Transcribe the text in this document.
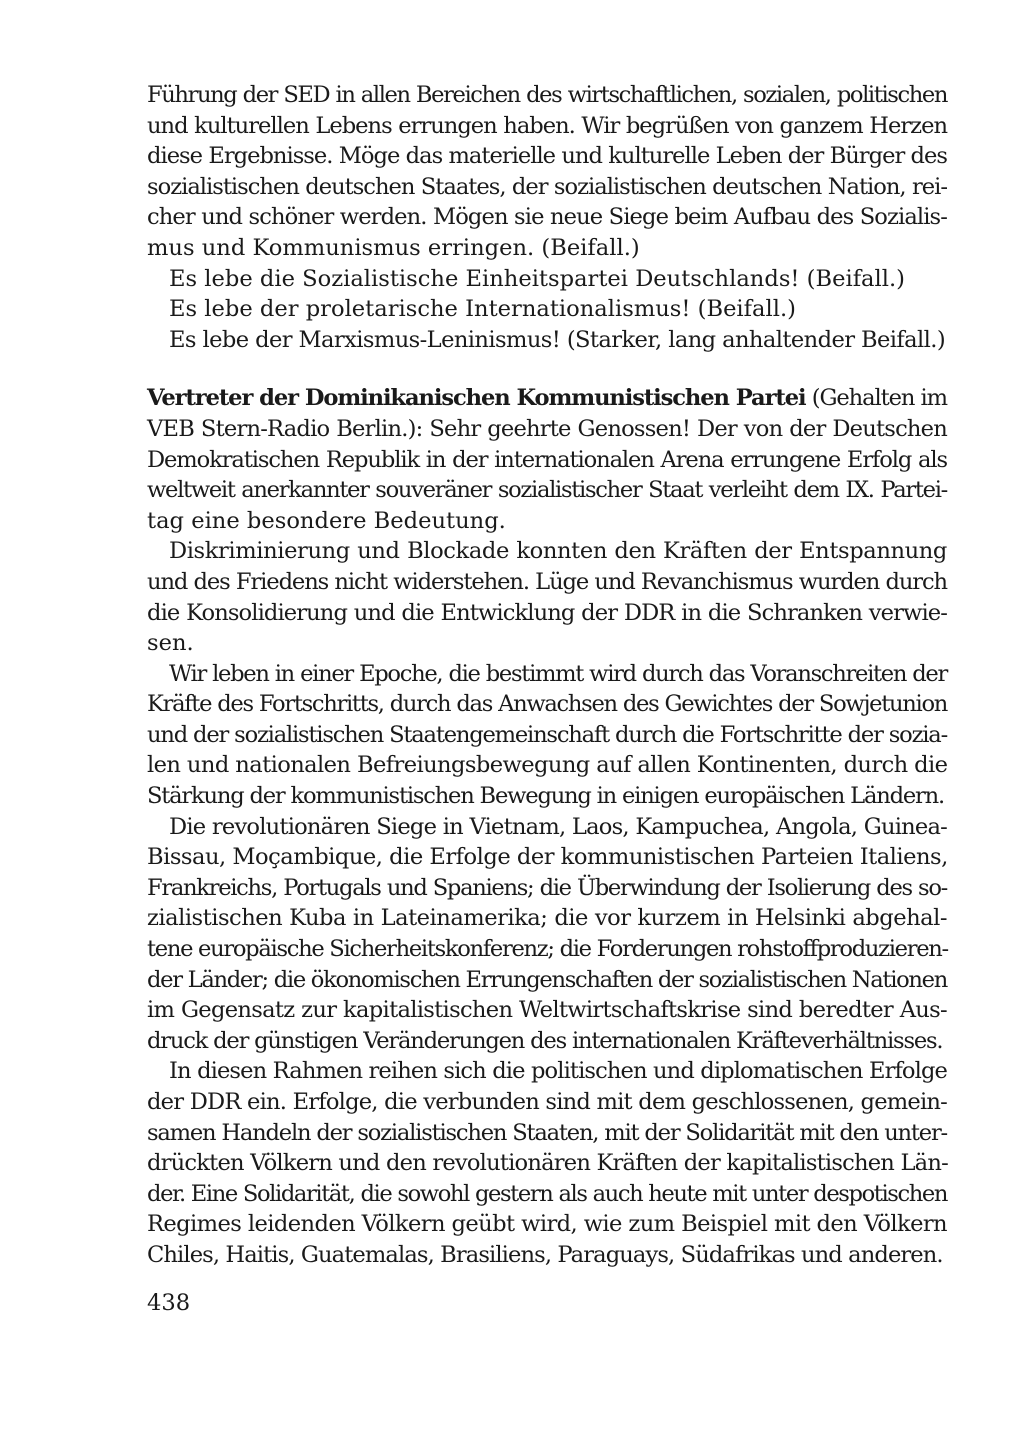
Führung der SED in allen Bereichen des wirtschaftlichen, sozialen, politischen
und kulturellen Lebens errungen haben. Wir begrüßen von ganzem Herzen
diese Ergebnisse. Möge das materielle und kulturelle Leben der Bürger des
sozialistischen deutschen Staates, der sozialistischen deutschen Nation, rei-
cher und schöner werden. Mögen sie neue Siege beim Aufbau des Sozialis-
mus und Kommunismus erringen. (Beifall.)
Es lebe die Sozialistische Einheitspartei Deutschlands! (Beifall.)
Es lebe der proletarische Internationalismus! (Beifall.)
Es lebe der Marxismus-Leninismus! (Starker, lang anhaltender Beifall.)
Vertreter der Dominikanischen Kommunistischen Partei (Gehalten im
VEB Stern-Radio Berlin.): Sehr geehrte Genossen! Der von der Deutschen
Demokratischen Republik in der internationalen Arena errungene Erfolg als
weltweit anerkannter souveräner sozialistischer Staat verleiht dem IX. Partei-
tag eine besondere Bedeutung.
Diskriminierung und Blockade konnten den Kräften der Entspannung
und des Friedens nicht widerstehen. Lüge und Revanchismus wurden durch
die Konsolidierung und die Entwicklung der DDR in die Schranken verwie-
sen.
Wir leben in einer Epoche, die bestimmt wird durch das Voranschreiten der
Kräfte des Fortschritts, durch das Anwachsen des Gewichtes der Sowjetunion
und der sozialistischen Staatengemeinschaft durch die Fortschritte der sozia-
len und nationalen Befreiungsbewegung auf allen Kontinenten, durch die
Stärkung der kommunistischen Bewegung in einigen europäischen Ländern.
Die revolutionären Siege in Vietnam, Laos, Kampuchea, Angola, Guinea-
Bissau, Moçambique, die Erfolge der kommunistischen Parteien Italiens,
Frankreichs, Portugals und Spaniens; die Überwindung der Isolierung des so-
zialistischen Kuba in Lateinamerika; die vor kurzem in Helsinki abgehal-
tene europäische Sicherheitskonferenz; die Forderungen rohstoffproduzieren-
der Länder; die ökonomischen Errungenschaften der sozialistischen Nationen
im Gegensatz zur kapitalistischen Weltwirtschaftskrise sind beredter Aus-
druck der günstigen Veränderungen des internationalen Kräfteverhältnisses.
In diesen Rahmen reihen sich die politischen und diplomatischen Erfolge
der DDR ein. Erfolge, die verbunden sind mit dem geschlossenen, gemein-
samen Handeln der sozialistischen Staaten, mit der Solidarität mit den unter-
drückten Völkern und den revolutionären Kräften der kapitalistischen Län-
der. Eine Solidarität, die sowohl gestern als auch heute mit unter despotischen
Regimes leidenden Völkern geübt wird, wie zum Beispiel mit den Völkern
Chiles, Haitis, Guatemalas, Brasiliens, Paraguays, Südafrikas und anderen.
438
